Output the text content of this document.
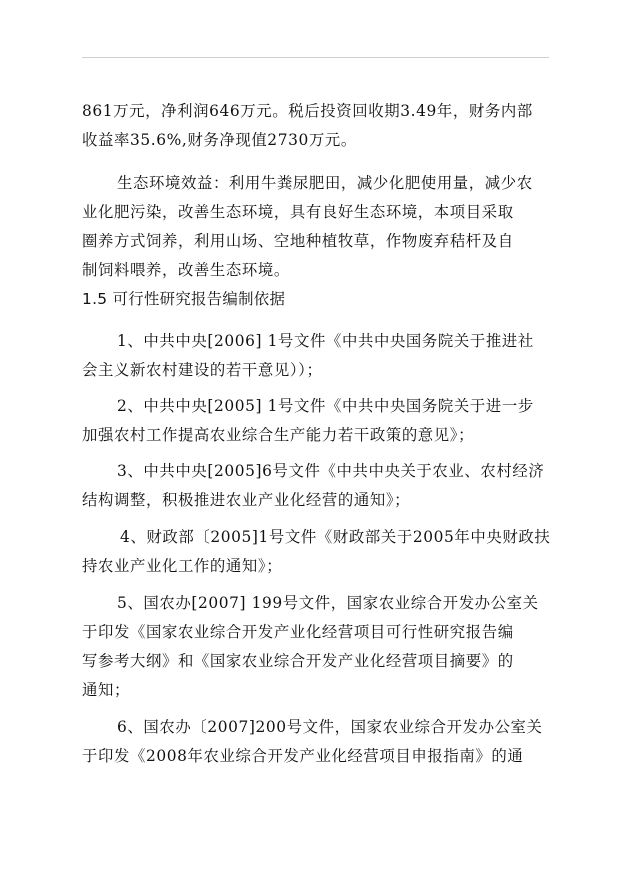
861万元，净利润646万元。税后投资回收期3.49年，财务内部
收益率35.6%,财务净现值2730万元。
生态环境效益：利用牛粪尿肥田，减少化肥使用量，减少农
业化肥污染，改善生态环境，具有良好生态环境，本项目采取
圈养方式饲养，利用山场、空地种植牧草，作物废弃秸杆及自
制饲料喂养，改善生态环境。
1.5 可行性研究报告编制依据
1、中共中央[2006] 1号文件《中共中央国务院关于推进社
会主义新农村建设的若干意见））；
2、中共中央[2005] 1号文件《中共中央国务院关于进一步
加强农村工作提高农业综合生产能力若干政策的意见》；
3、中共中央[2005]6号文件《中共中央关于农业、农村经济
结构调整，积极推进农业产业化经营的通知》；
4、财政部〔2005]1号文件《财政部关于2005年中央财政扶
持农业产业化工作的通知》；
5、国农办[2007] 199号文件，国家农业综合开发办公室关
于印发《国家农业综合开发产业化经营项目可行性研究报告编
写参考大纲》和《国家农业综合开发产业化经营项目摘要》的
通知；
6、国农办〔2007]200号文件，国家农业综合开发办公室关
于印发《2008年农业综合开发产业化经营项目申报指南》的通
